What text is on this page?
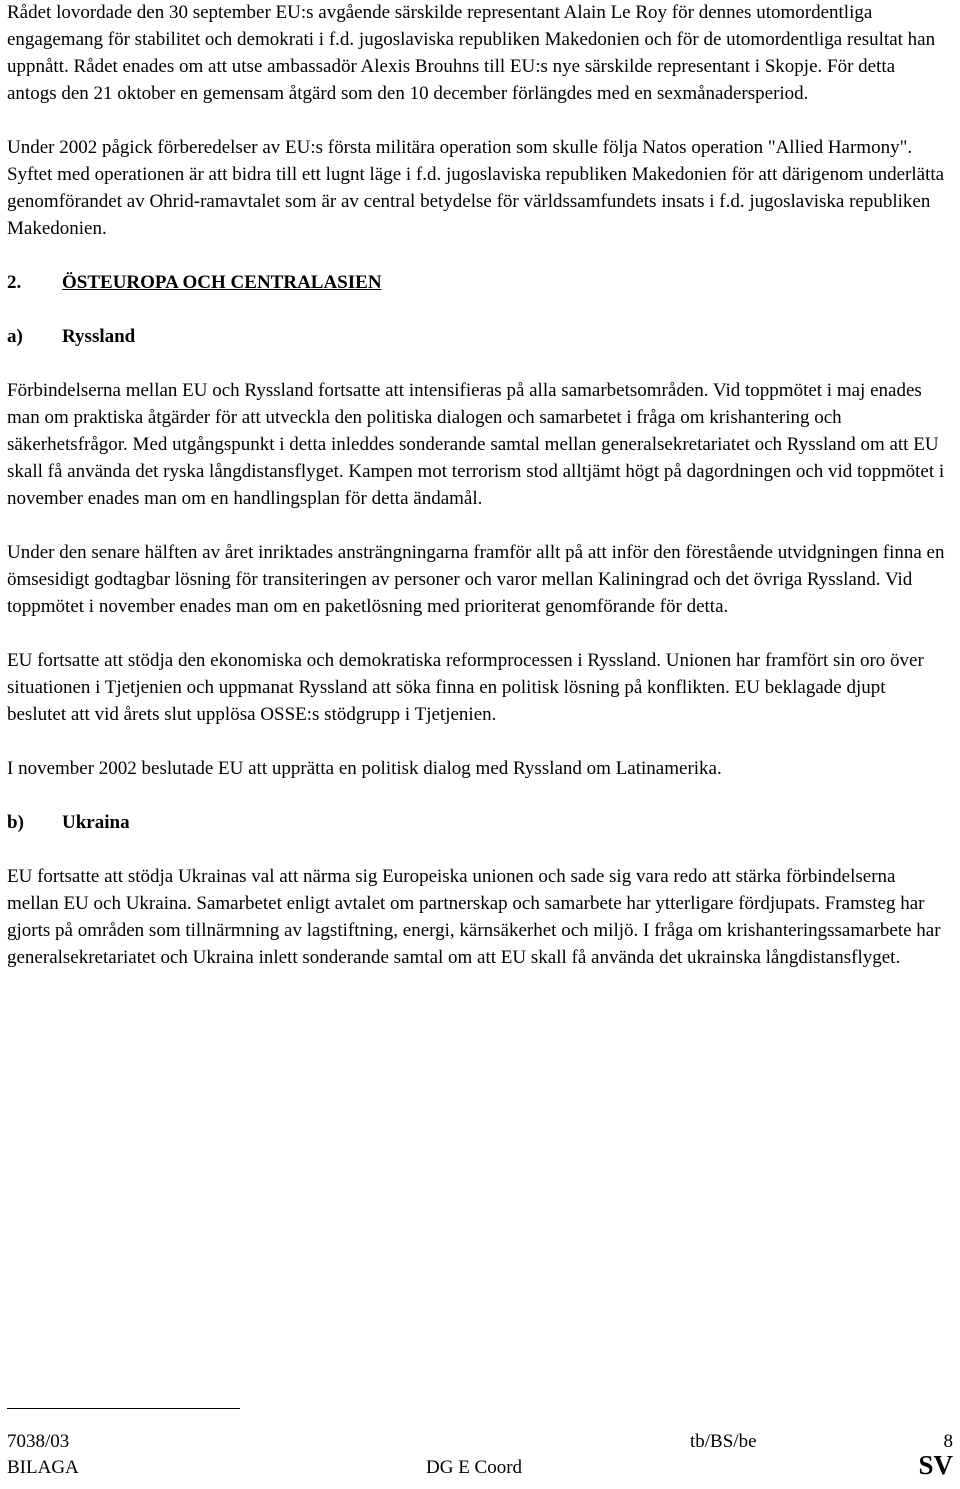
Rådet lovordade den 30 september EU:s avgående särskilde representant Alain Le Roy för dennes utomordentliga engagemang för stabilitet och demokrati i f.d. jugoslaviska republiken Makedonien och för de utomordentliga resultat han uppnått. Rådet enades om att utse ambassadör Alexis Brouhns till EU:s nye särskilde representant i Skopje. För detta antogs den 21 oktober en gemensam åtgärd som den 10 december förlängdes med en sexmånadersperiod.

Under 2002 pågick förberedelser av EU:s första militära operation som skulle följa Natos operation "Allied Harmony". Syftet med operationen är att bidra till ett lugnt läge i f.d. jugoslaviska republiken Makedonien för att därigenom underlätta genomförandet av Ohrid-ramavtalet som är av central betydelse för världssamfundets insats i f.d. jugoslaviska republiken Makedonien.

2.	ÖSTEUROPA OCH CENTRALASIEN
a)	Ryssland

Förbindelserna mellan EU och Ryssland fortsatte att intensifieras på alla samarbetsområden. Vid toppmötet i maj enades man om praktiska åtgärder för att utveckla den politiska dialogen och samarbetet i fråga om krishantering och säkerhetsfrågor. Med utgångspunkt i detta inleddes sonderande samtal mellan generalsekretariatet och Ryssland om att EU skall få använda det ryska långdistansflyget. Kampen mot terrorism stod alltjämt högt på dagordningen och vid toppmötet i november enades man om en handlingsplan för detta ändamål.

Under den senare hälften av året inriktades ansträngningarna framför allt på att inför den förestående utvidgningen finna en ömsesidigt godtagbar lösning för transiteringen av personer och varor mellan Kaliningrad och det övriga Ryssland. Vid toppmötet i november enades man om en paketlösning med prioriterat genomförande för detta.

EU fortsatte att stödja den ekonomiska och demokratiska reformprocessen i Ryssland. Unionen har framfört sin oro över situationen i Tjetjenien och uppmanat Ryssland att söka finna en politisk lösning på konflikten. EU beklagade djupt beslutet att vid årets slut upplösa OSSE:s stödgrupp i Tjetjenien.

I november 2002 beslutade EU att upprätta en politisk dialog med Ryssland om Latinamerika.

b)	Ukraina

EU fortsatte att stödja Ukrainas val att närma sig Europeiska unionen och sade sig vara redo att stärka förbindelserna mellan EU och Ukraina. Samarbetet enligt avtalet om partnerskap och samarbete har ytterligare fördjupats. Framsteg har gjorts på områden som tillnärmning av lagstiftning, energi, kärnsäkerhet och miljö. I fråga om krishanteringssamarbete har generalsekretariatet och Ukraina inlett sonderande samtal om att EU skall få använda det ukrainska långdistansflyget.

7038/03	tb/BS/be	8
BILAGA	DG E Coord	SV
